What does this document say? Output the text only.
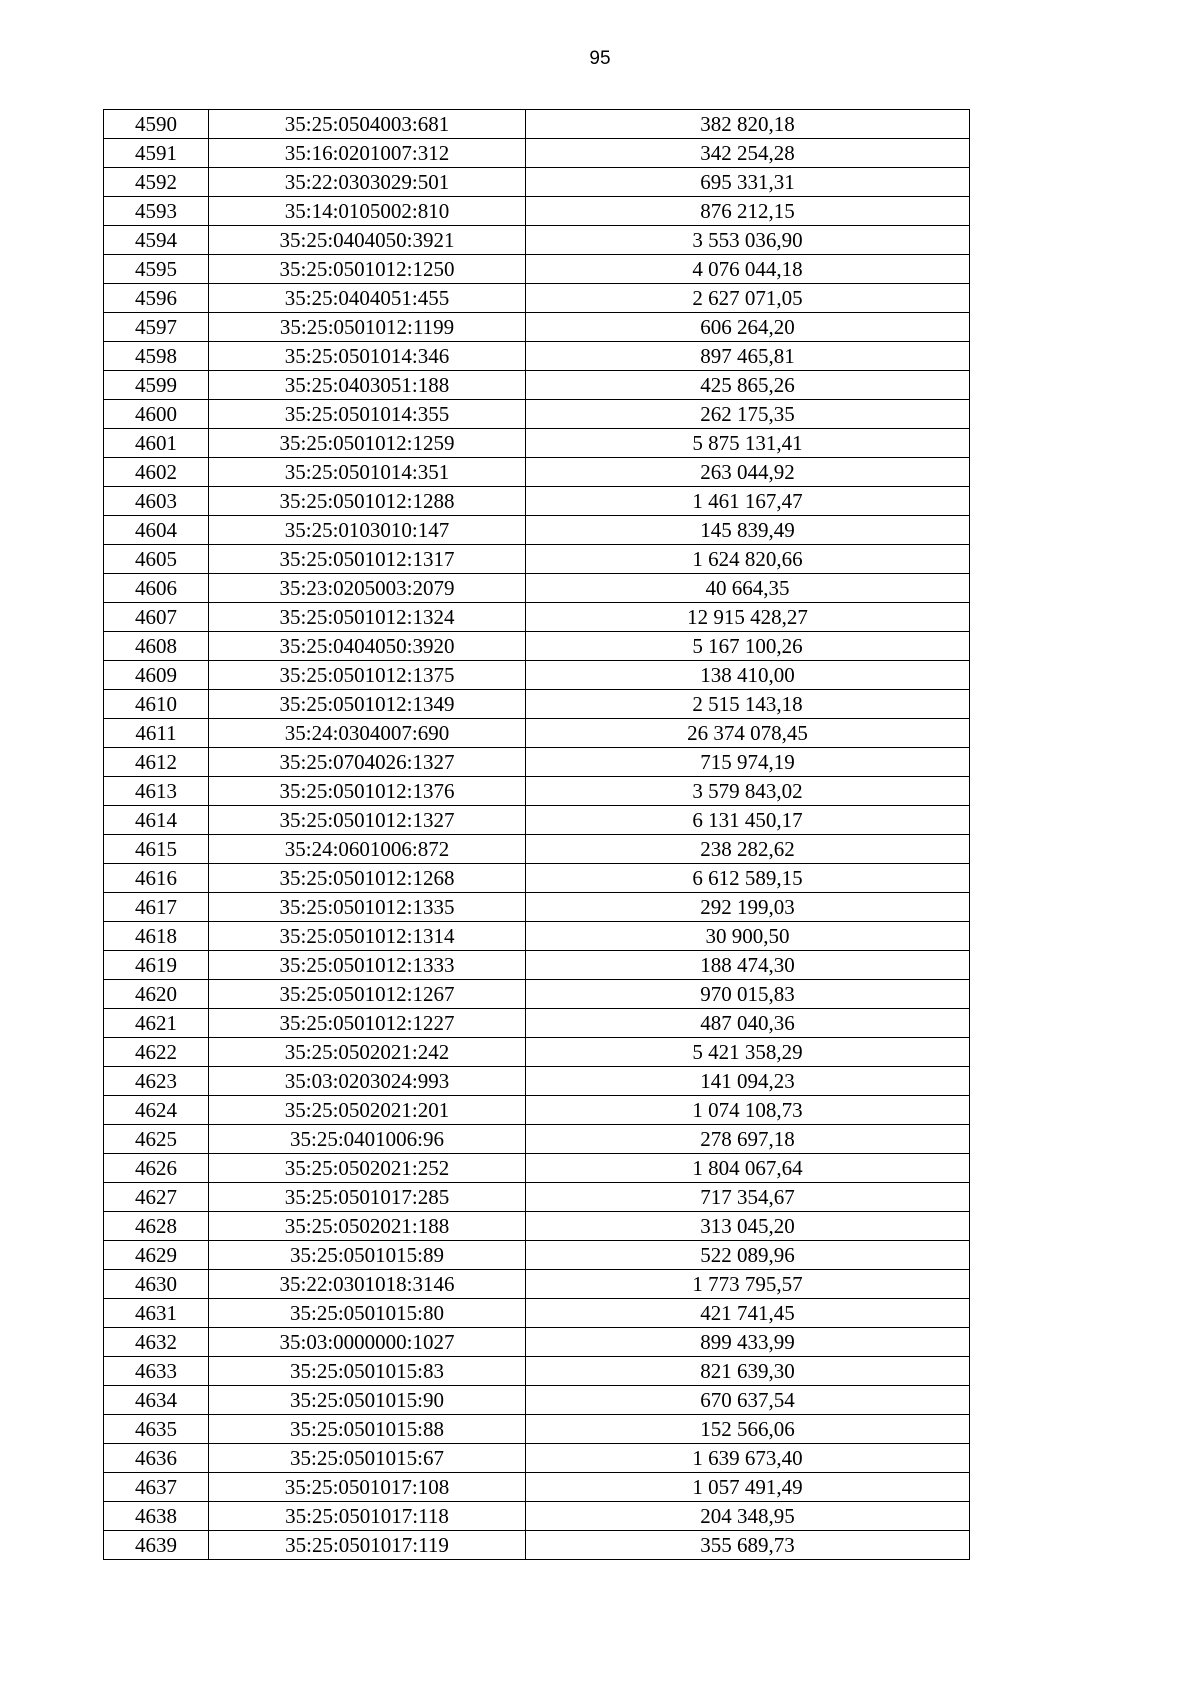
95
4590	35:25:0504003:681	382 820,18
4591	35:16:0201007:312	342 254,28
4592	35:22:0303029:501	695 331,31
4593	35:14:0105002:810	876 212,15
4594	35:25:0404050:3921	3 553 036,90
4595	35:25:0501012:1250	4 076 044,18
4596	35:25:0404051:455	2 627 071,05
4597	35:25:0501012:1199	606 264,20
4598	35:25:0501014:346	897 465,81
4599	35:25:0403051:188	425 865,26
4600	35:25:0501014:355	262 175,35
4601	35:25:0501012:1259	5 875 131,41
4602	35:25:0501014:351	263 044,92
4603	35:25:0501012:1288	1 461 167,47
4604	35:25:0103010:147	145 839,49
4605	35:25:0501012:1317	1 624 820,66
4606	35:23:0205003:2079	40 664,35
4607	35:25:0501012:1324	12 915 428,27
4608	35:25:0404050:3920	5 167 100,26
4609	35:25:0501012:1375	138 410,00
4610	35:25:0501012:1349	2 515 143,18
4611	35:24:0304007:690	26 374 078,45
4612	35:25:0704026:1327	715 974,19
4613	35:25:0501012:1376	3 579 843,02
4614	35:25:0501012:1327	6 131 450,17
4615	35:24:0601006:872	238 282,62
4616	35:25:0501012:1268	6 612 589,15
4617	35:25:0501012:1335	292 199,03
4618	35:25:0501012:1314	30 900,50
4619	35:25:0501012:1333	188 474,30
4620	35:25:0501012:1267	970 015,83
4621	35:25:0501012:1227	487 040,36
4622	35:25:0502021:242	5 421 358,29
4623	35:03:0203024:993	141 094,23
4624	35:25:0502021:201	1 074 108,73
4625	35:25:0401006:96	278 697,18
4626	35:25:0502021:252	1 804 067,64
4627	35:25:0501017:285	717 354,67
4628	35:25:0502021:188	313 045,20
4629	35:25:0501015:89	522 089,96
4630	35:22:0301018:3146	1 773 795,57
4631	35:25:0501015:80	421 741,45
4632	35:03:0000000:1027	899 433,99
4633	35:25:0501015:83	821 639,30
4634	35:25:0501015:90	670 637,54
4635	35:25:0501015:88	152 566,06
4636	35:25:0501015:67	1 639 673,40
4637	35:25:0501017:108	1 057 491,49
4638	35:25:0501017:118	204 348,95
4639	35:25:0501017:119	355 689,73
